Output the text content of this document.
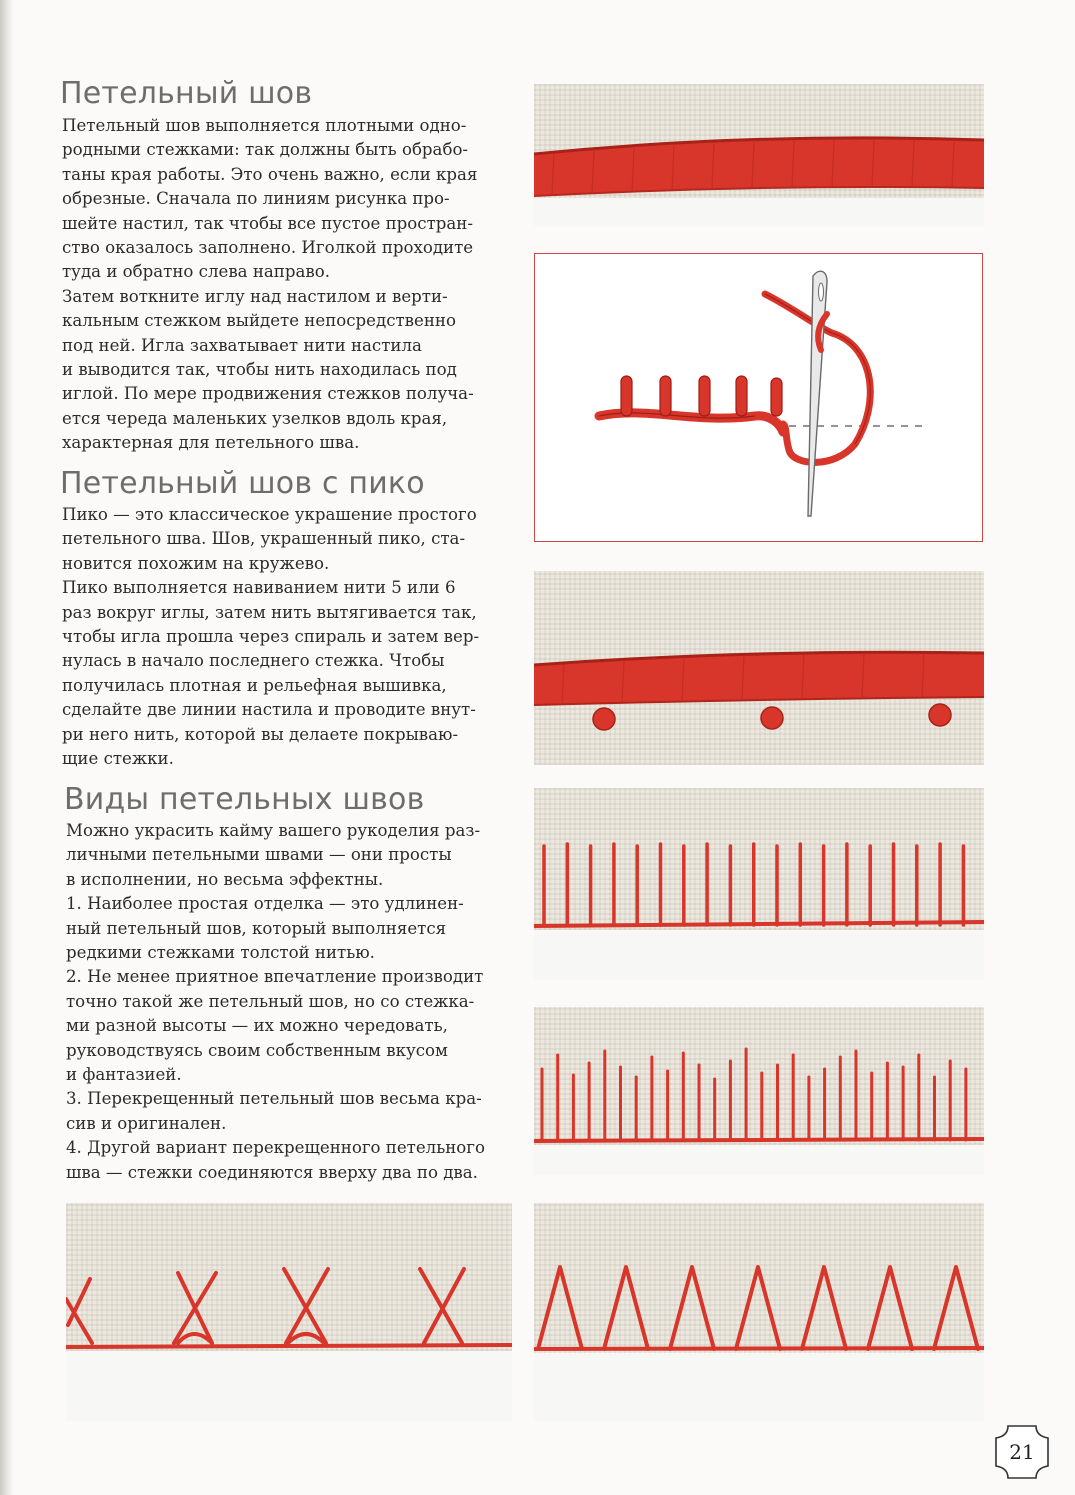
Петельный шов
Петельный шов выполняется плотными одно-
родными стежками: так должны быть обрабо-
таны края работы. Это очень важно, если края
обрезные. Сначала по линиям рисунка про-
шейте настил, так чтобы все пустое простран-
ство оказалось заполнено. Иголкой проходите
туда и обратно слева направо.
Затем воткните иглу над настилом и верти-
кальным стежком выйдете непосредственно
под ней. Игла захватывает нити настила
и выводится так, чтобы нить находилась под
иглой. По мере продвижения стежков получа-
ется череда маленьких узелков вдоль края,
характерная для петельного шва.
Петельный шов с пико
Пико — это классическое украшение простого
петельного шва. Шов, украшенный пико, ста-
новится похожим на кружево.
Пико выполняется навиванием нити 5 или 6
раз вокруг иглы, затем нить вытягивается так,
чтобы игла прошла через спираль и затем вер-
нулась в начало последнего стежка. Чтобы
получилась плотная и рельефная вышивка,
сделайте две линии настила и проводите внут-
ри него нить, которой вы делаете покрываю-
щие стежки.
Виды петельных швов
Можно украсить кайму вашего рукоделия раз-
личными петельными швами — они просты
в исполнении, но весьма эффектны.
1. Наиболее простая отделка — это удлинен-
ный петельный шов, который выполняется
редкими стежками толстой нитью.
2. Не менее приятное впечатление производит
точно такой же петельный шов, но со стежка-
ми разной высоты — их можно чередовать,
руководствуясь своим собственным вкусом
и фантазией.
3. Перекрещенный петельный шов весьма кра-
сив и оригинален.
4. Другой вариант перекрещенного петельного
шва — стежки соединяются вверху два по два.
21
